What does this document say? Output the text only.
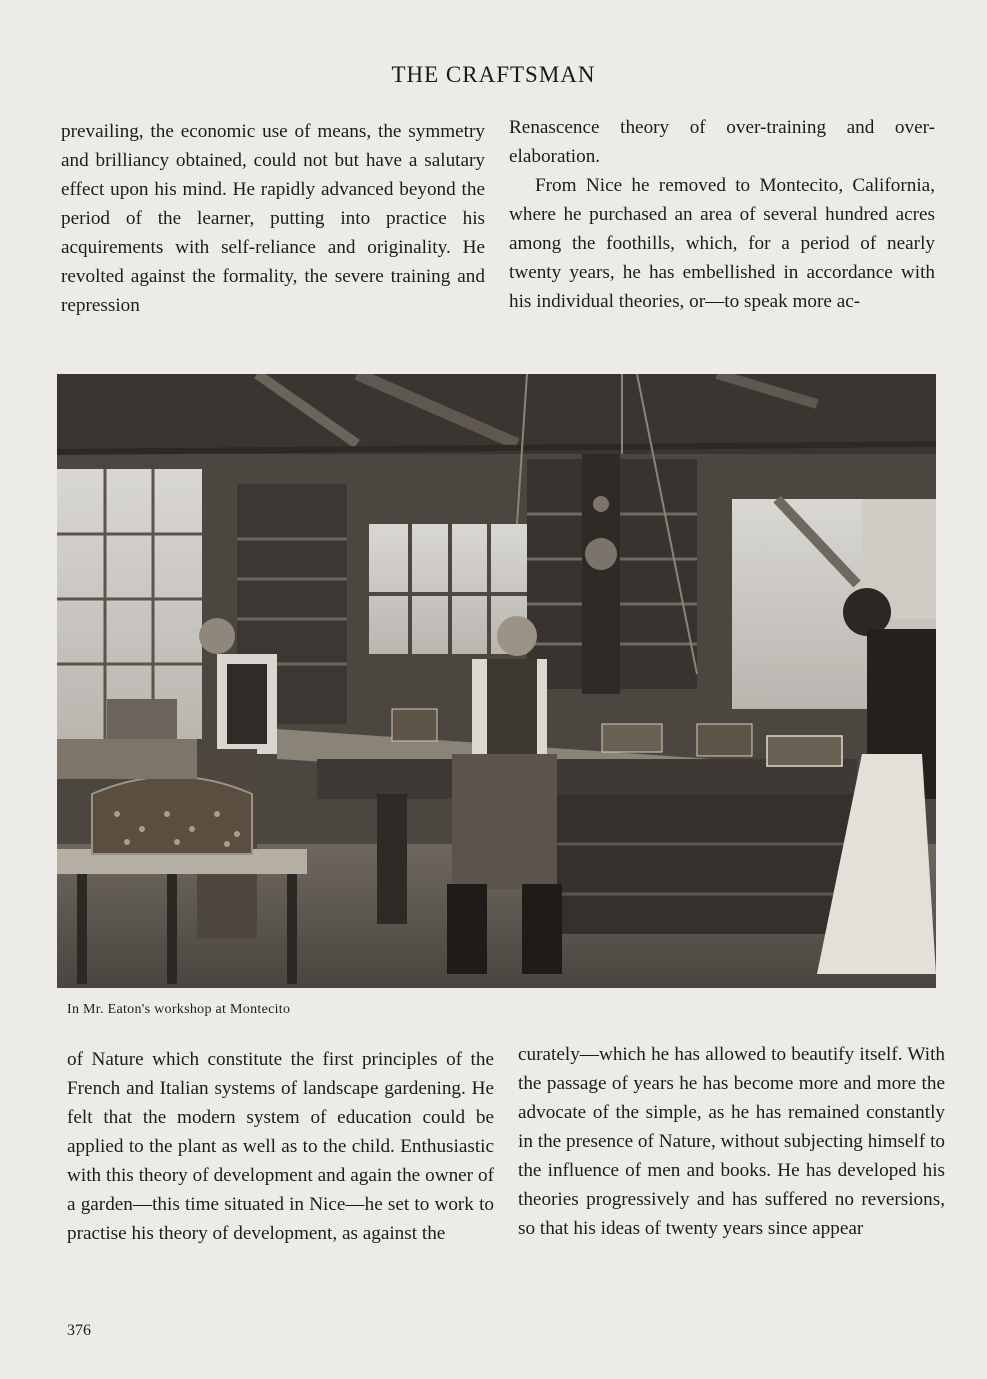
THE CRAFTSMAN

prevailing, the economic use of means, the symmetry and brilliancy obtained, could not but have a salutary effect upon his mind. He rapidly advanced beyond the period of the learner, putting into practice his acquirements with self-reliance and originality. He revolted against the formality, the severe training and repression

Renascence theory of over-training and over-elaboration.

From Nice he removed to Montecito, California, where he purchased an area of several hundred acres among the foothills, which, for a period of nearly twenty years, he has embellished in accordance with his individual theories, or—to speak more ac-

In Mr. Eaton's workshop at Montecito

of Nature which constitute the first principles of the French and Italian systems of landscape gardening. He felt that the modern system of education could be applied to the plant as well as to the child. Enthusiastic with this theory of development and again the owner of a garden—this time situated in Nice—he set to work to practise his theory of development, as against the

curately—which he has allowed to beautify itself. With the passage of years he has become more and more the advocate of the simple, as he has remained constantly in the presence of Nature, without subjecting himself to the influence of men and books. He has developed his theories progressively and has suffered no reversions, so that his ideas of twenty years since appear

376
